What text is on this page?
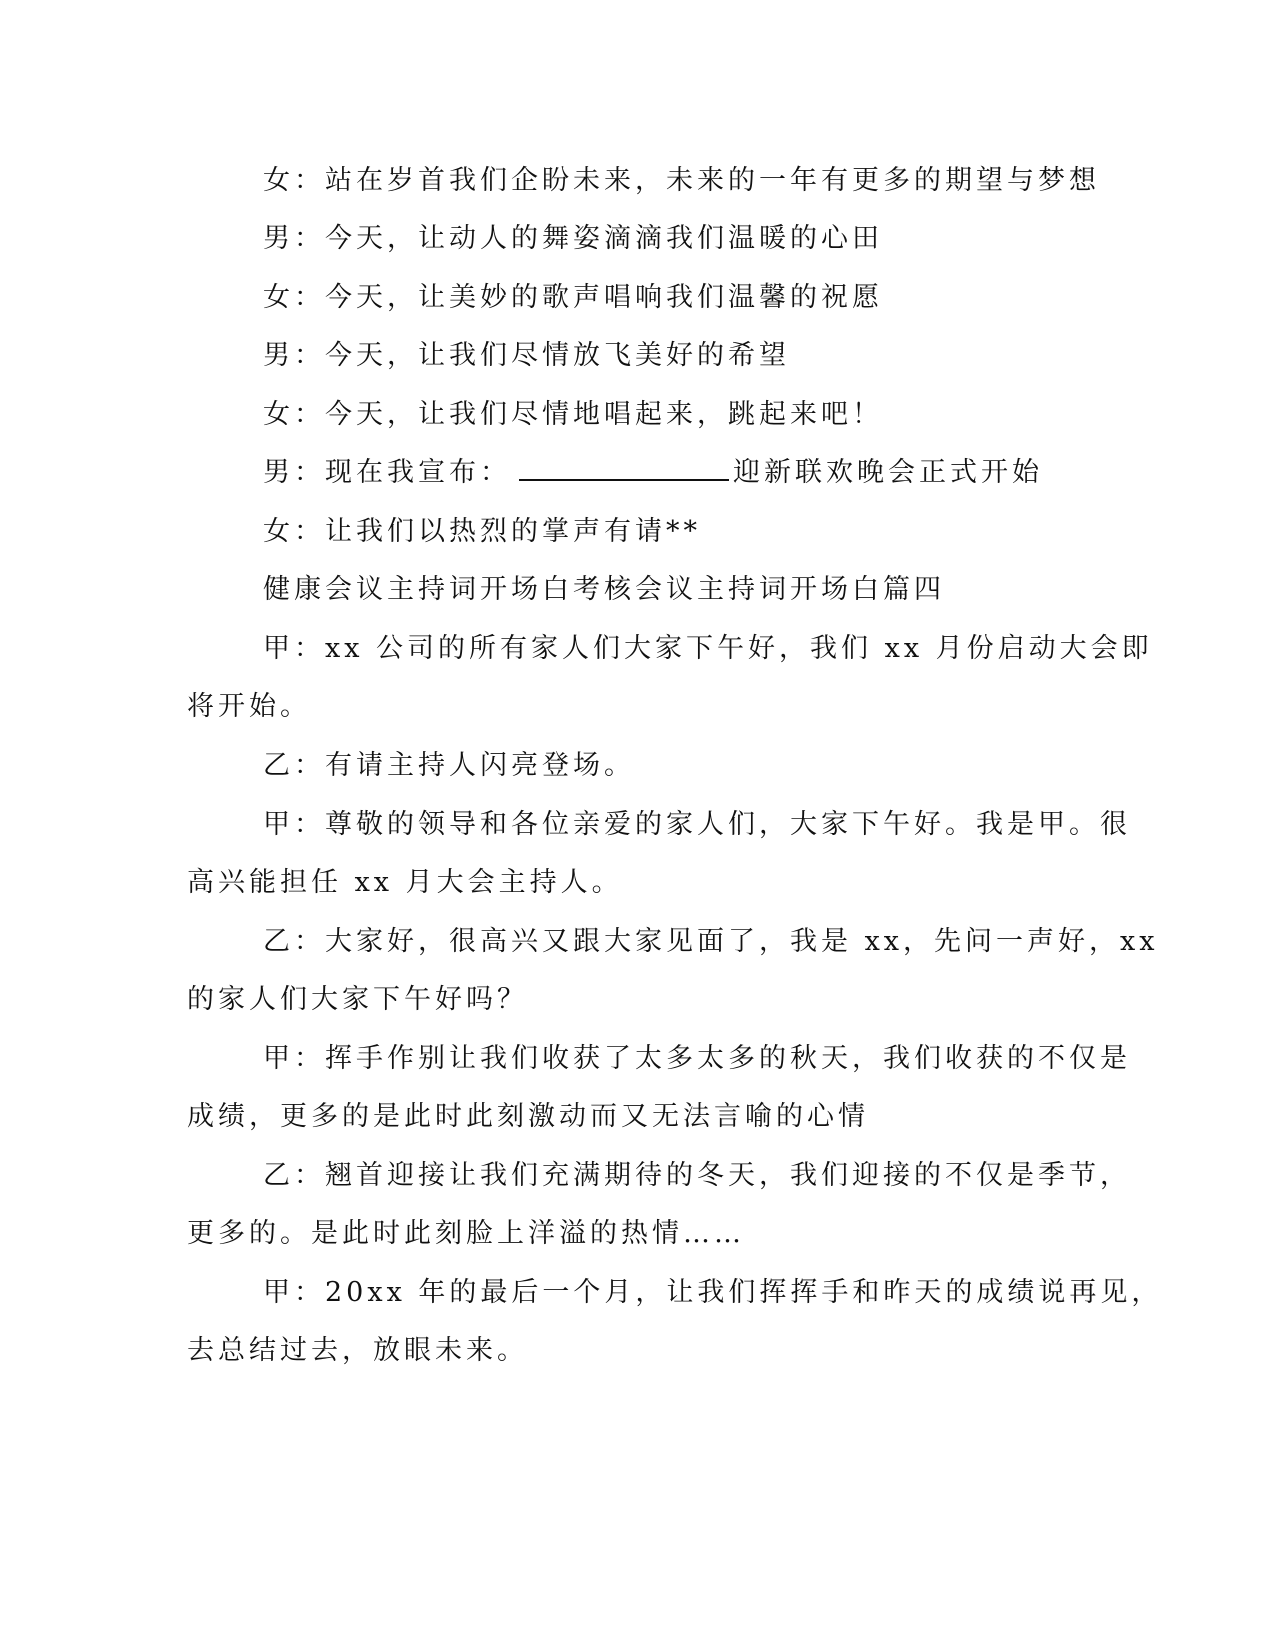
女：站在岁首我们企盼未来，未来的一年有更多的期望与梦想
男：今天，让动人的舞姿滴滴我们温暖的心田
女：今天，让美妙的歌声唱响我们温馨的祝愿
男：今天，让我们尽情放飞美好的希望
女：今天，让我们尽情地唱起来，跳起来吧！
男：现在我宣布：	迎新联欢晚会正式开始
女：让我们以热烈的掌声有请**
健康会议主持词开场白考核会议主持词开场白篇四
甲：xx 公司的所有家人们大家下午好，我们 xx 月份启动大会即
将开始。
乙：有请主持人闪亮登场。
甲：尊敬的领导和各位亲爱的家人们，大家下午好。我是甲。很
高兴能担任 xx 月大会主持人。
乙：大家好，很高兴又跟大家见面了，我是 xx，先问一声好，xx
的家人们大家下午好吗？
甲：挥手作别让我们收获了太多太多的秋天，我们收获的不仅是
成绩，更多的是此时此刻激动而又无法言喻的心情
乙：翘首迎接让我们充满期待的冬天，我们迎接的不仅是季节，
更多的。是此时此刻脸上洋溢的热情……
甲：20xx 年的最后一个月，让我们挥挥手和昨天的成绩说再见，
去总结过去，放眼未来。
